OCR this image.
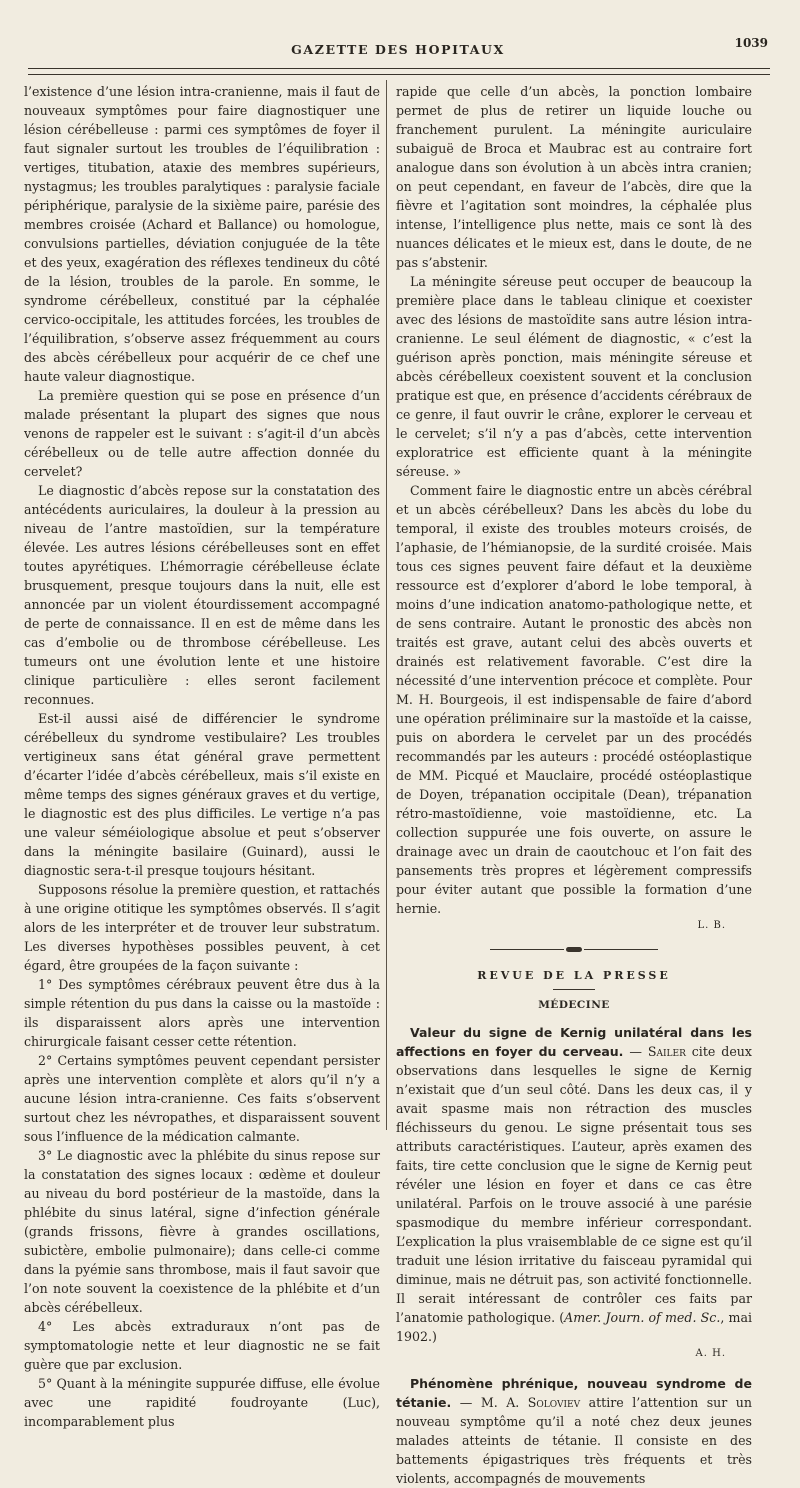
GAZETTE DES HOPITAUX	1039

l’existence d’une lésion intra-cranienne, mais il faut de nouveaux symptômes pour faire diagnostiquer une lésion cérébelleuse : parmi ces symptômes de foyer il faut signaler surtout les troubles de l’équilibration : vertiges, titubation, ataxie des membres supérieurs, nystagmus; les troubles paralytiques : paralysie faciale périphérique, paralysie de la sixième paire, parésie des membres croisée (Achard et Ballance) ou homologue, convulsions partielles, déviation conjuguée de la tête et des yeux, exagération des réflexes tendineux du côté de la lésion, troubles de la parole. En somme, le syndrome cérébelleux, constitué par la céphalée cervico-occipitale, les attitudes forcées, les troubles de l’équilibration, s’observe assez fréquemment au cours des abcès cérébelleux pour acquérir de ce chef une haute valeur diagnostique.

La première question qui se pose en présence d’un malade présentant la plupart des signes que nous venons de rappeler est le suivant : s’agit-il d’un abcès cérébelleux ou de telle autre affection donnée du cervelet?

Le diagnostic d’abcès repose sur la constatation des antécédents auriculaires, la douleur à la pression au niveau de l’antre mastoïdien, sur la température élevée. Les autres lésions cérébelleuses sont en effet toutes apyrétiques. L’hémorragie cérébelleuse éclate brusquement, presque toujours dans la nuit, elle est annoncée par un violent étourdissement accompagné de perte de connaissance. Il en est de même dans les cas d’embolie ou de thrombose cérébelleuse. Les tumeurs ont une évolution lente et une histoire clinique particulière : elles seront facilement reconnues.

Est-il aussi aisé de différencier le syndrome cérébelleux du syndrome vestibulaire? Les troubles vertigineux sans état général grave permettent d’écarter l’idée d’abcès cérébelleux, mais s’il existe en même temps des signes généraux graves et du vertige, le diagnostic est des plus difficiles. Le vertige n’a pas une valeur séméiologique absolue et peut s’observer dans la méningite basilaire (Guinard), aussi le diagnostic sera-t-il presque toujours hésitant.

Supposons résolue la première question, et rattachés à une origine otitique les symptômes observés. Il s’agit alors de les interpréter et de trouver leur substratum. Les diverses hypothèses possibles peuvent, à cet égard, être groupées de la façon suivante :

1° Des symptômes cérébraux peuvent être dus à la simple rétention du pus dans la caisse ou la mastoïde : ils disparaissent alors après une intervention chirurgicale faisant cesser cette rétention.

2° Certains symptômes peuvent cependant persister après une intervention complète et alors qu’il n’y a aucune lésion intra-cranienne. Ces faits s’observent surtout chez les névropathes, et disparaissent souvent sous l’influence de la médication calmante.

3° Le diagnostic avec la phlébite du sinus repose sur la constatation des signes locaux : œdème et douleur au niveau du bord postérieur de la mastoïde, dans la phlébite du sinus latéral, signe d’infection générale (grands frissons, fièvre à grandes oscillations, subictère, embolie pulmonaire); dans celle-ci comme dans la pyémie sans thrombose, mais il faut savoir que l’on note souvent la coexistence de la phlébite et d’un abcès cérébelleux.

4° Les abcès extraduraux n’ont pas de symptomatologie nette et leur diagnostic ne se fait guère que par exclusion.

5° Quant à la méningite suppurée diffuse, elle évolue avec une rapidité foudroyante (Luc), incomparablement plus

rapide que celle d’un abcès, la ponction lombaire permet de plus de retirer un liquide louche ou franchement purulent. La méningite auriculaire subaiguë de Broca et Maubrac est au contraire fort analogue dans son évolution à un abcès intra cranien; on peut cependant, en faveur de l’abcès, dire que la fièvre et l’agitation sont moindres, la céphalée plus intense, l’intelligence plus nette, mais ce sont là des nuances délicates et le mieux est, dans le doute, de ne pas s’abstenir.

La méningite séreuse peut occuper de beaucoup la première place dans le tableau clinique et coexister avec des lésions de mastoïdite sans autre lésion intra-cranienne. Le seul élément de diagnostic, « c’est la guérison après ponction, mais méningite séreuse et abcès cérébelleux coexistent souvent et la conclusion pratique est que, en présence d’accidents cérébraux de ce genre, il faut ouvrir le crâne, explorer le cerveau et le cervelet; s’il n’y a pas d’abcès, cette intervention exploratrice est efficiente quant à la méningite séreuse. »

Comment faire le diagnostic entre un abcès cérébral et un abcès cérébelleux? Dans les abcès du lobe du temporal, il existe des troubles moteurs croisés, de l’aphasie, de l’hémianopsie, de la surdité croisée. Mais tous ces signes peuvent faire défaut et la deuxième ressource est d’explorer d’abord le lobe temporal, à moins d’une indication anatomo-pathologique nette, et de sens contraire. Autant le pronostic des abcès non traités est grave, autant celui des abcès ouverts et drainés est relativement favorable. C’est dire la nécessité d’une intervention précoce et complète. Pour M. H. Bourgeois, il est indispensable de faire d’abord une opération préliminaire sur la mastoïde et la caisse, puis on abordera le cervelet par un des procédés recommandés par les auteurs : procédé ostéoplastique de MM. Picqué et Mauclaire, procédé ostéoplastique de Doyen, trépanation occipitale (Dean), trépanation rétro-mastoïdienne, voie mastoïdienne, etc. La collection suppurée une fois ouverte, on assure le drainage avec un drain de caoutchouc et l’on fait des pansements très propres et légèrement compressifs pour éviter autant que possible la formation d’une hernie.

L. B.
REVUE DE LA PRESSE
MÉDECINE

Valeur du signe de Kernig unilatéral dans les affections en foyer du cerveau. — Sailer cite deux observations dans lesquelles le signe de Kernig n’existait que d’un seul côté. Dans les deux cas, il y avait spasme mais non rétraction des muscles fléchisseurs du genou. Le signe présentait tous ses attributs caractéristiques. L’auteur, après examen des faits, tire cette conclusion que le signe de Kernig peut révéler une lésion en foyer et dans ce cas être unilatéral. Parfois on le trouve associé à une parésie spasmodique du membre inférieur correspondant. L’explication la plus vraisemblable de ce signe est qu’il traduit une lésion irritative du faisceau pyramidal qui diminue, mais ne détruit pas, son activité fonctionnelle. Il serait intéressant de contrôler ces faits par l’anatomie pathologique. (Amer. Journ. of med. Sc., mai 1902.)

A. H.

Phénomène phrénique, nouveau syndrome de tétanie. — M. A. Soloviev attire l’attention sur un nouveau symptôme qu’il a noté chez deux jeunes malades atteints de tétanie. Il consiste en des battements épigastriques très fréquents et très violents, accompagnés de mouvements
